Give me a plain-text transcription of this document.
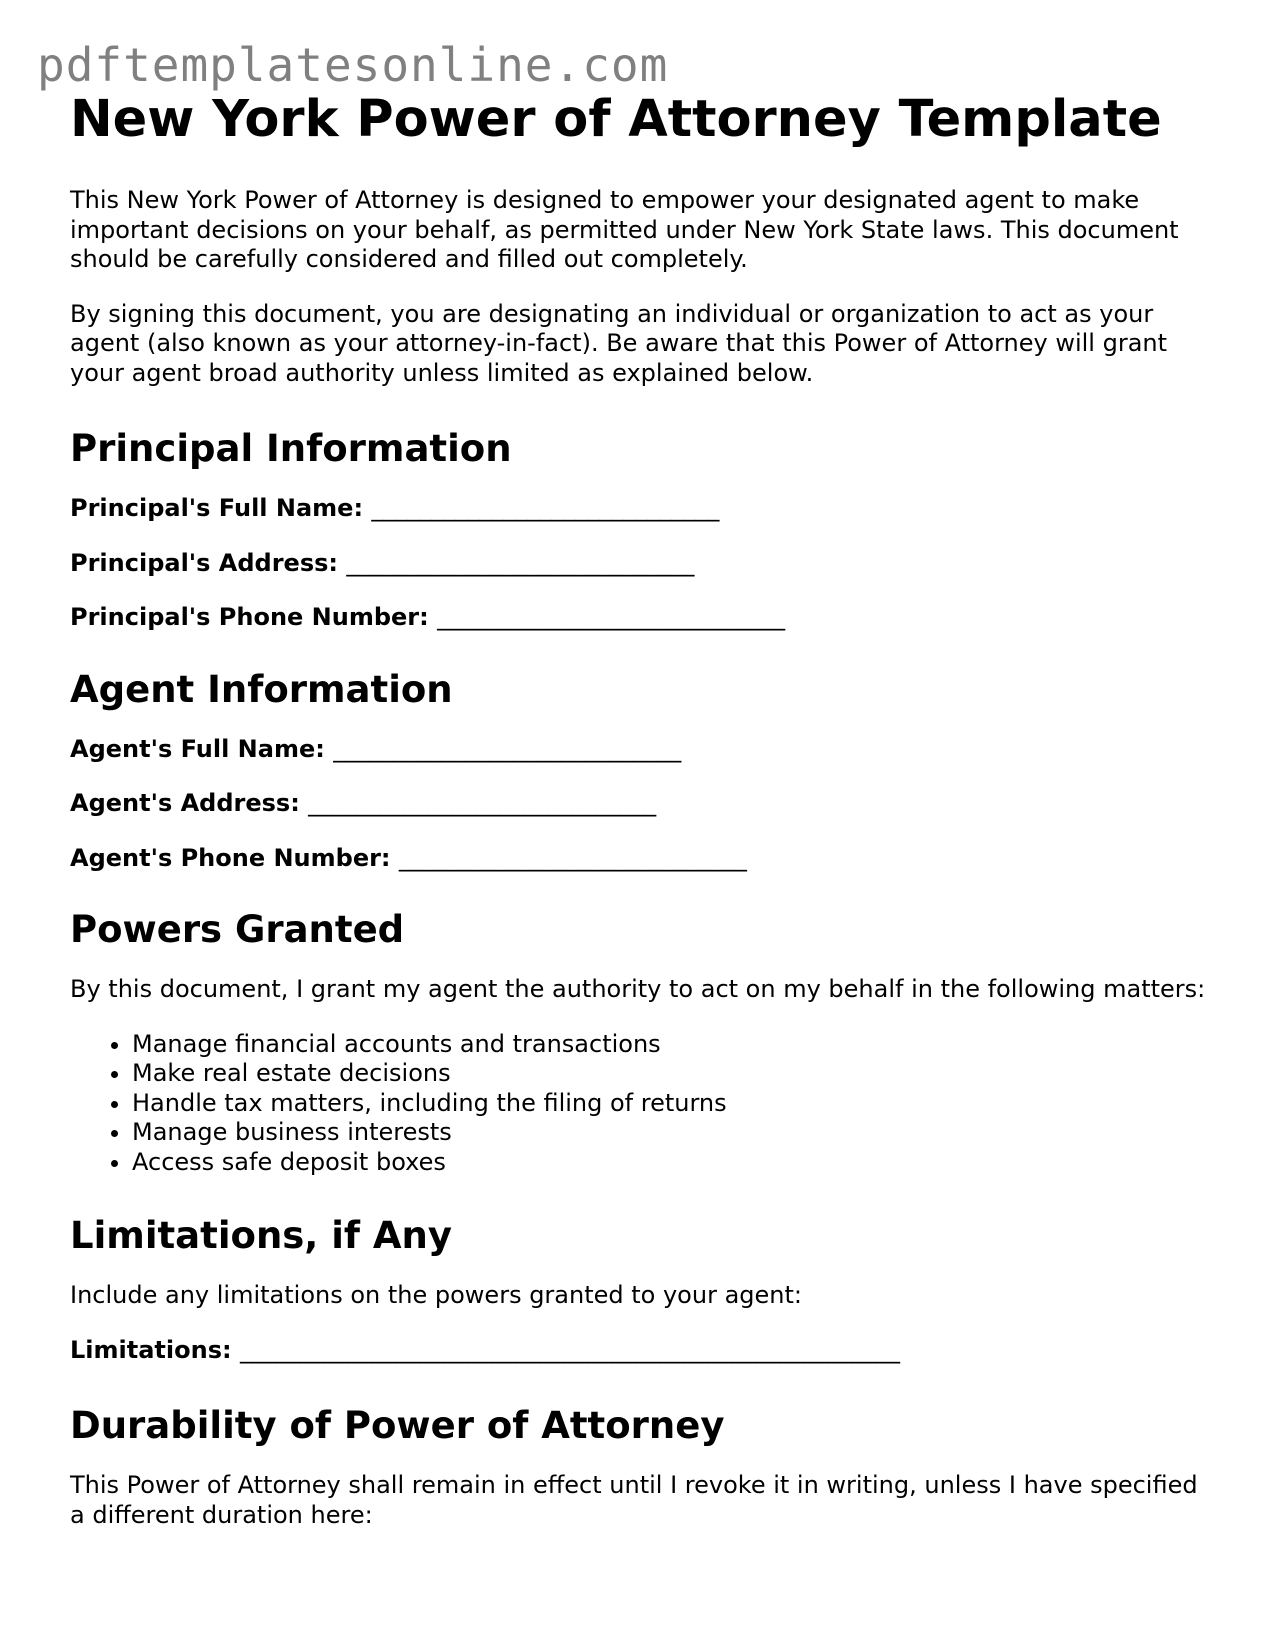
pdftemplatesonline.com
New York Power of Attorney Template

This New York Power of Attorney is designed to empower your designated agent to make important decisions on your behalf, as permitted under New York State laws. This document should be carefully considered and filled out completely.

By signing this document, you are designating an individual or organization to act as your agent (also known as your attorney-in-fact). Be aware that this Power of Attorney will grant your agent broad authority unless limited as explained below.

Principal Information
Principal's Full Name: _____________________________
Principal's Address: _____________________________
Principal's Phone Number: _____________________________
Agent Information
Agent's Full Name: _____________________________
Agent's Address: _____________________________
Agent's Phone Number: _____________________________
Powers Granted

By this document, I grant my agent the authority to act on my behalf in the following matters:

• Manage financial accounts and transactions
• Make real estate decisions
• Handle tax matters, including the filing of returns
• Manage business interests
• Access safe deposit boxes
Limitations, if Any

Include any limitations on the powers granted to your agent:

Limitations: _______________________________________________________
Durability of Power of Attorney

This Power of Attorney shall remain in effect until I revoke it in writing, unless I have specified a different duration here:
